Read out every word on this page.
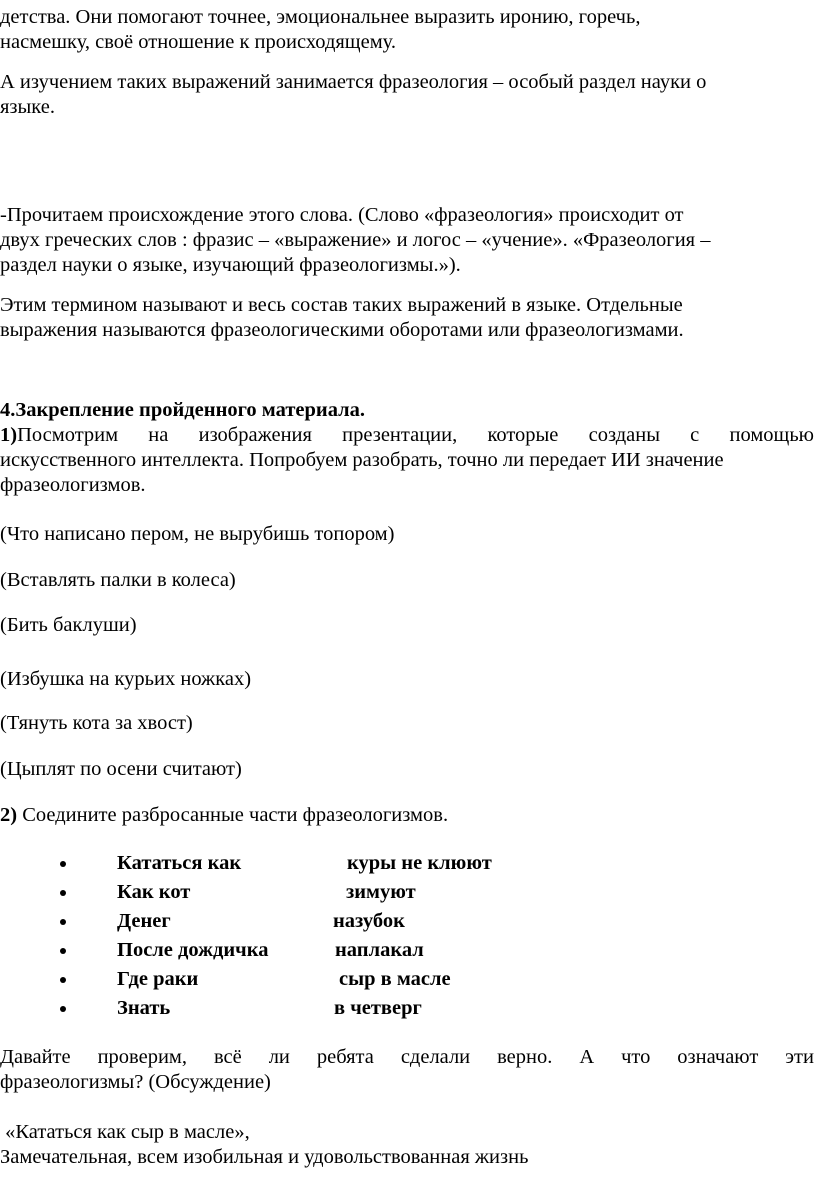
детства. Они помогают точнее, эмоциональнее выразить иронию, горечь,

насмешку, своё отношение к происходящему.

А изучением таких выражений занимается фразеология – особый раздел науки о

языке.

-Прочитаем происхождение этого слова. (Слово «фразеология» происходит от

двух греческих слов : фразис – «выражение» и логос – «учение». «Фразеология –

раздел науки о языке, изучающий фразеологизмы.»).

Этим термином называют и весь состав таких выражений в языке. Отдельные

выражения называются фразеологическими оборотами или фразеологизмами.

4.Закрепление пройденного материала.

1)Посмотрим на изображения презентации, которые созданы с помощью

искусственного интеллекта. Попробуем разобрать, точно ли передает ИИ значение

фразеологизмов.

(Что написано пером, не вырубишь топором)

(Вставлять палки в колеса)

(Бить баклуши)

(Избушка на курьих ножках)

(Тянуть кота за хвост)

(Цыплят по осени считают)

2) Соедините разбросанные части фразеологизмов.

Кататься как	куры не клюют
Как кот	зимуют
Денег	назубок
После дождичка	наплакал
Где раки	сыр в масле
Знать	в четверг

Давайте проверим, всё ли ребята сделали верно. А что означают эти

фразеологизмы? (Обсуждение)

«Кататься как сыр в масле»,

Замечательная, всем изобильная и удовольствованная жизнь
